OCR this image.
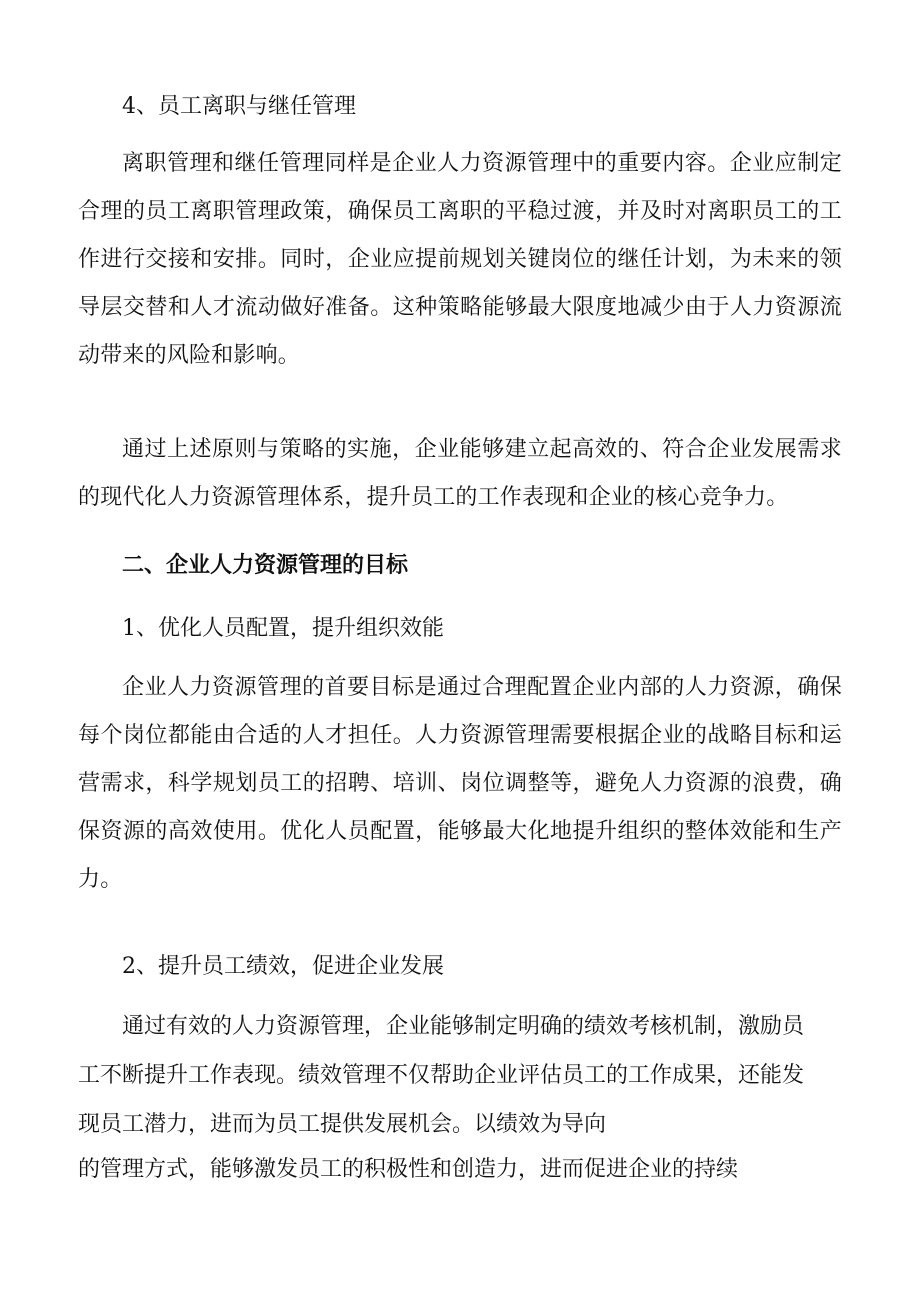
4、员工离职与继任管理
离职管理和继任管理同样是企业人力资源管理中的重要内容。企业应制定合理的员工离职管理政策，确保员工离职的平稳过渡，并及时对离职员工的工作进行交接和安排。同时，企业应提前规划关键岗位的继任计划，为未来的领导层交替和人才流动做好准备。这种策略能够最大限度地减少由于人力资源流动带来的风险和影响。
通过上述原则与策略的实施，企业能够建立起高效的、符合企业发展需求的现代化人力资源管理体系，提升员工的工作表现和企业的核心竞争力。
二、企业人力资源管理的目标
1、优化人员配置，提升组织效能
企业人力资源管理的首要目标是通过合理配置企业内部的人力资源，确保每个岗位都能由合适的人才担任。人力资源管理需要根据企业的战略目标和运营需求，科学规划员工的招聘、培训、岗位调整等，避免人力资源的浪费，确保资源的高效使用。优化人员配置，能够最大化地提升组织的整体效能和生产力。
2、提升员工绩效，促进企业发展
通过有效的人力资源管理，企业能够制定明确的绩效考核机制，激励员
工不断提升工作表现。绩效管理不仅帮助企业评估员工的工作成果，还能发
现员工潜力，进而为员工提供发展机会。以绩效为导向
的管理方式，能够激发员工的积极性和创造力，进而促进企业的持续
